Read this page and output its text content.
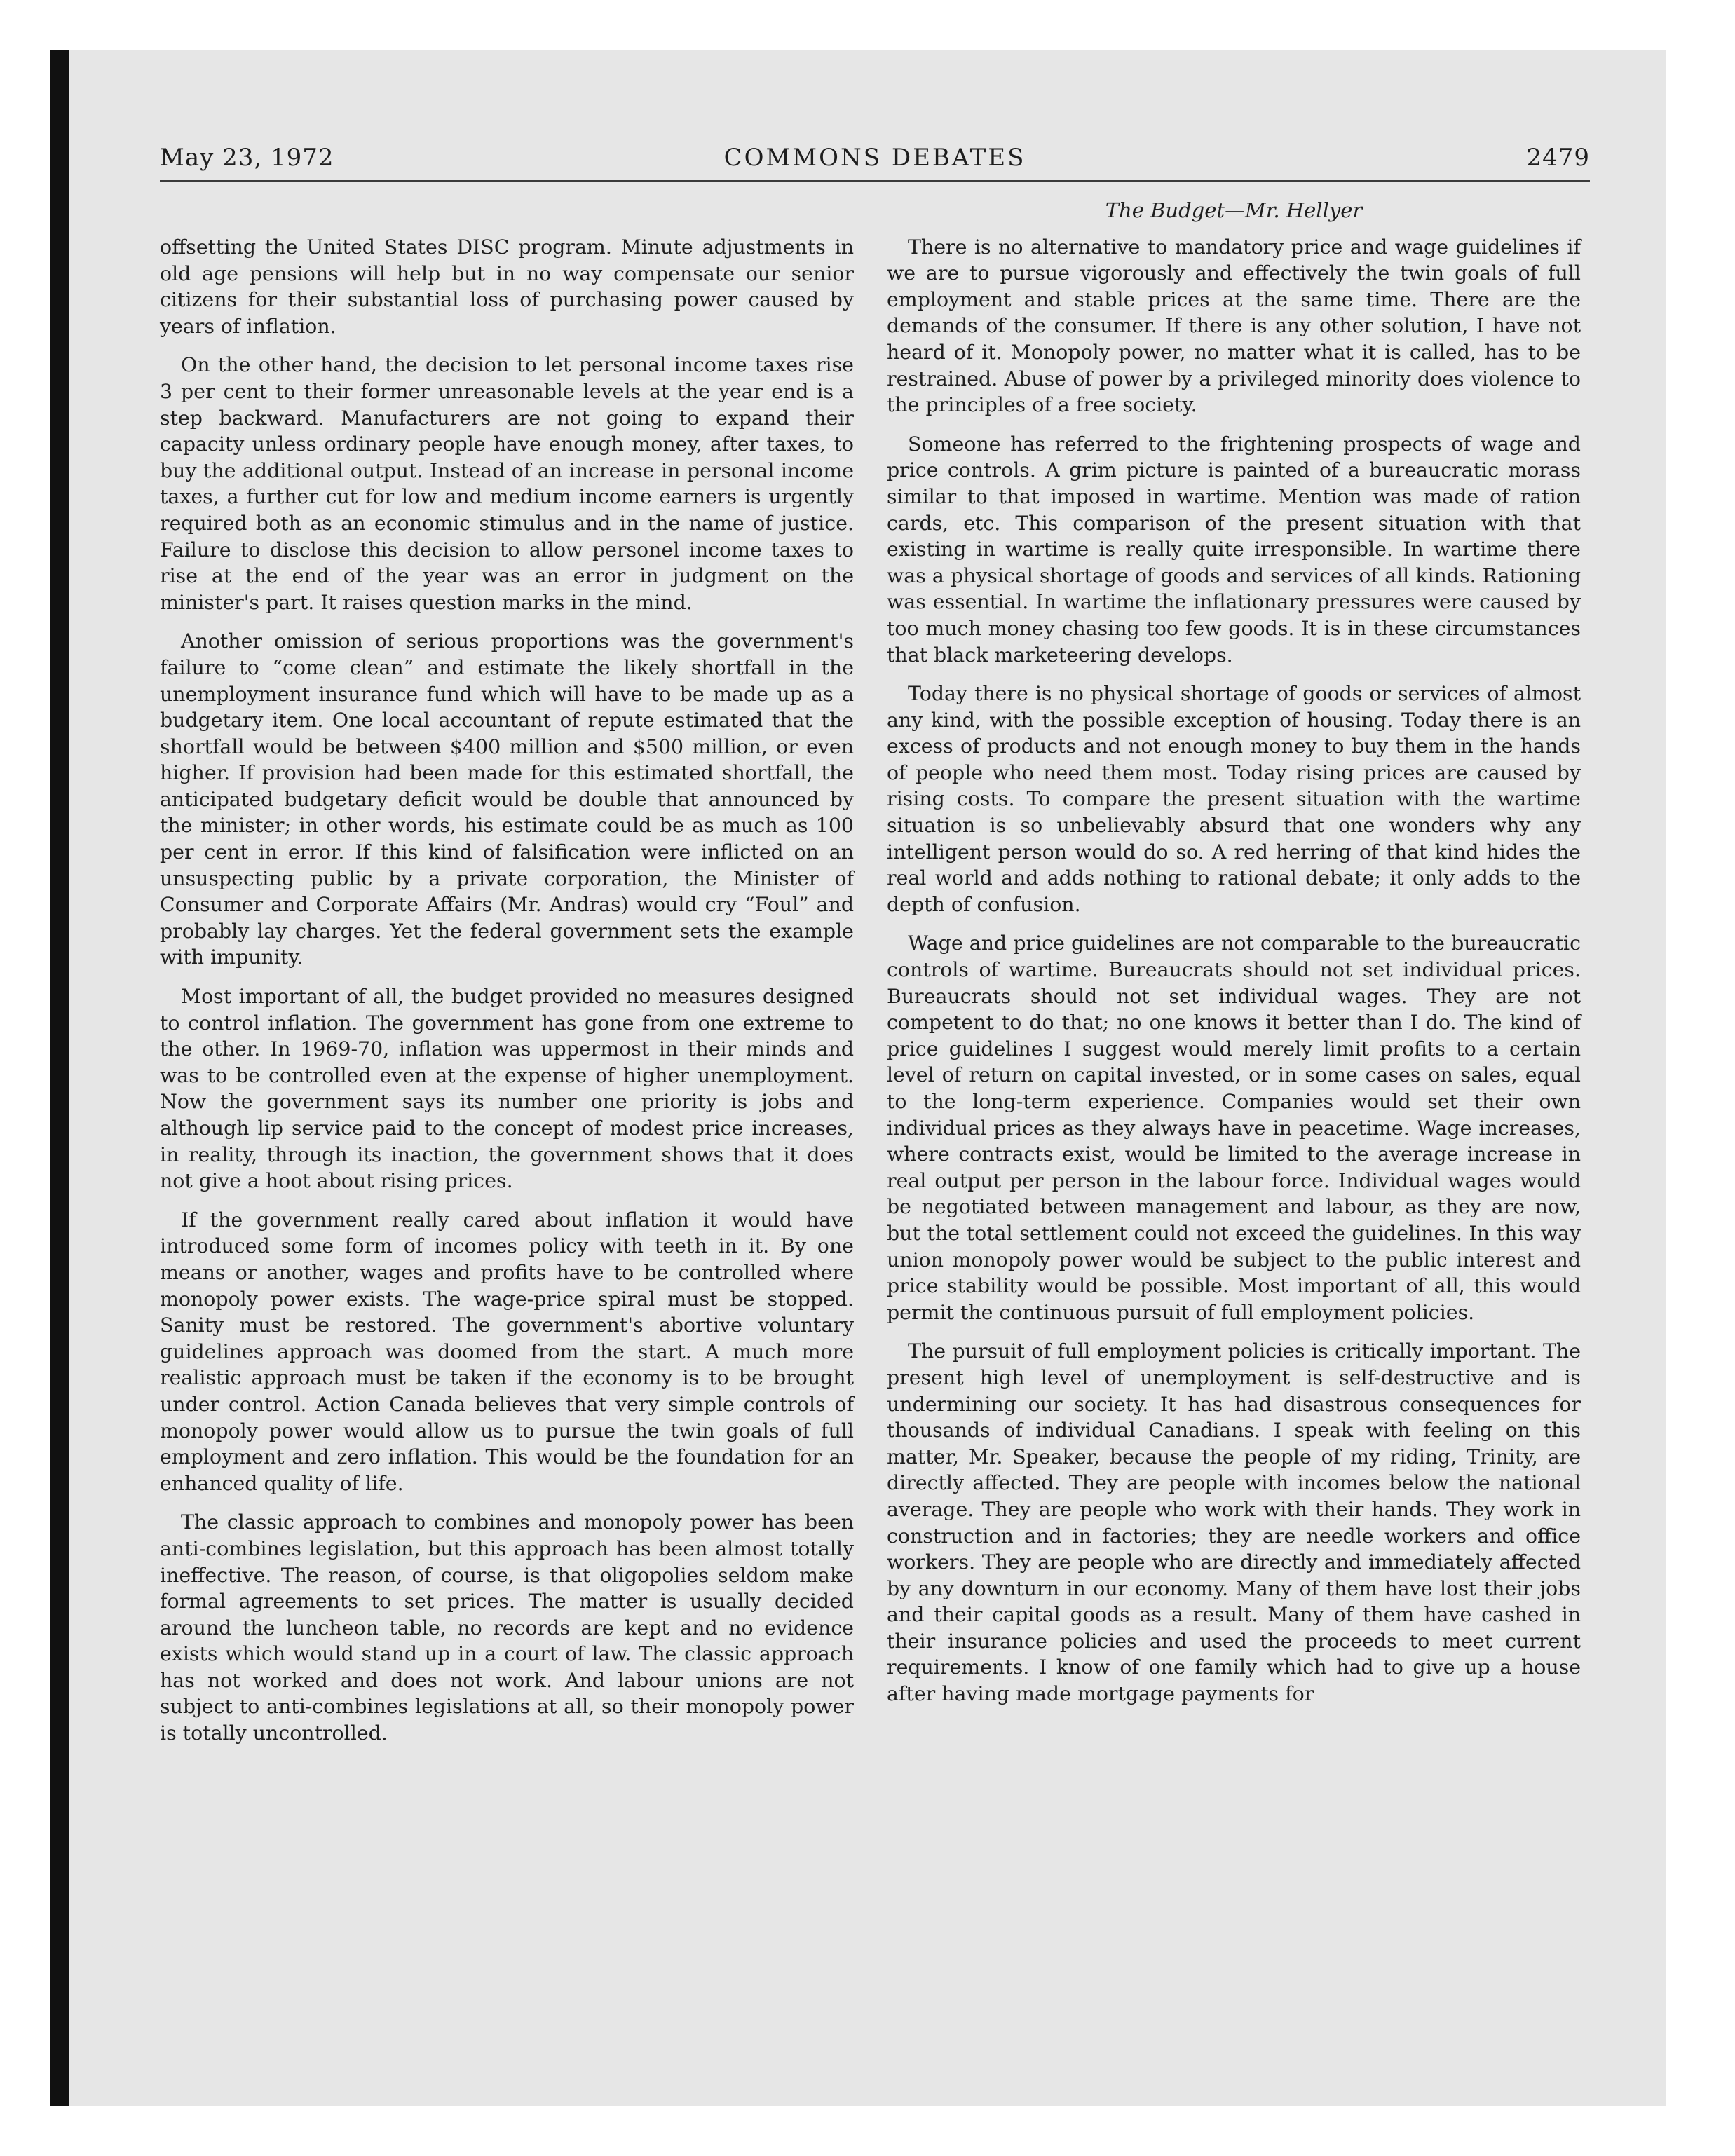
May 23, 1972	COMMONS DEBATES	2479

offsetting the United States DISC program. Minute adjustments in old age pensions will help but in no way compensate our senior citizens for their substantial loss of purchasing power caused by years of inflation.

On the other hand, the decision to let personal income taxes rise 3 per cent to their former unreasonable levels at the year end is a step backward. Manufacturers are not going to expand their capacity unless ordinary people have enough money, after taxes, to buy the additional output. Instead of an increase in personal income taxes, a further cut for low and medium income earners is urgently required both as an economic stimulus and in the name of justice. Failure to disclose this decision to allow personel income taxes to rise at the end of the year was an error in judgment on the minister's part. It raises question marks in the mind.

Another omission of serious proportions was the government's failure to “come clean” and estimate the likely shortfall in the unemployment insurance fund which will have to be made up as a budgetary item. One local accountant of repute estimated that the shortfall would be between $400 million and $500 million, or even higher. If provision had been made for this estimated shortfall, the anticipated budgetary deficit would be double that announced by the minister; in other words, his estimate could be as much as 100 per cent in error. If this kind of falsification were inflicted on an unsuspecting public by a private corporation, the Minister of Consumer and Corporate Affairs (Mr. Andras) would cry “Foul” and probably lay charges. Yet the federal government sets the example with impunity.

Most important of all, the budget provided no measures designed to control inflation. The government has gone from one extreme to the other. In 1969-70, inflation was uppermost in their minds and was to be controlled even at the expense of higher unemployment. Now the government says its number one priority is jobs and although lip service paid to the concept of modest price increases, in reality, through its inaction, the government shows that it does not give a hoot about rising prices.

If the government really cared about inflation it would have introduced some form of incomes policy with teeth in it. By one means or another, wages and profits have to be controlled where monopoly power exists. The wage-price spiral must be stopped. Sanity must be restored. The government's abortive voluntary guidelines approach was doomed from the start. A much more realistic approach must be taken if the economy is to be brought under control. Action Canada believes that very simple controls of monopoly power would allow us to pursue the twin goals of full employment and zero inflation. This would be the foundation for an enhanced quality of life.

The classic approach to combines and monopoly power has been anti-combines legislation, but this approach has been almost totally ineffective. The reason, of course, is that oligopolies seldom make formal agreements to set prices. The matter is usually decided around the luncheon table, no records are kept and no evidence exists which would stand up in a court of law. The classic approach has not worked and does not work. And labour unions are not subject to anti-combines legislations at all, so their monopoly power is totally uncontrolled.

The Budget—Mr. Hellyer

There is no alternative to mandatory price and wage guidelines if we are to pursue vigorously and effectively the twin goals of full employment and stable prices at the same time. There are the demands of the consumer. If there is any other solution, I have not heard of it. Monopoly power, no matter what it is called, has to be restrained. Abuse of power by a privileged minority does violence to the principles of a free society.

Someone has referred to the frightening prospects of wage and price controls. A grim picture is painted of a bureaucratic morass similar to that imposed in wartime. Mention was made of ration cards, etc. This comparison of the present situation with that existing in wartime is really quite irresponsible. In wartime there was a physical shortage of goods and services of all kinds. Rationing was essential. In wartime the inflationary pressures were caused by too much money chasing too few goods. It is in these circumstances that black marketeering develops.

Today there is no physical shortage of goods or services of almost any kind, with the possible exception of housing. Today there is an excess of products and not enough money to buy them in the hands of people who need them most. Today rising prices are caused by rising costs. To compare the present situation with the wartime situation is so unbelievably absurd that one wonders why any intelligent person would do so. A red herring of that kind hides the real world and adds nothing to rational debate; it only adds to the depth of confusion.

Wage and price guidelines are not comparable to the bureaucratic controls of wartime. Bureaucrats should not set individual prices. Bureaucrats should not set individual wages. They are not competent to do that; no one knows it better than I do. The kind of price guidelines I suggest would merely limit profits to a certain level of return on capital invested, or in some cases on sales, equal to the long-term experience. Companies would set their own individual prices as they always have in peacetime. Wage increases, where contracts exist, would be limited to the average increase in real output per person in the labour force. Individual wages would be negotiated between management and labour, as they are now, but the total settlement could not exceed the guidelines. In this way union monopoly power would be subject to the public interest and price stability would be possible. Most important of all, this would permit the continuous pursuit of full employment policies.

The pursuit of full employment policies is critically important. The present high level of unemployment is self-destructive and is undermining our society. It has had disastrous consequences for thousands of individual Canadians. I speak with feeling on this matter, Mr. Speaker, because the people of my riding, Trinity, are directly affected. They are people with incomes below the national average. They are people who work with their hands. They work in construction and in factories; they are needle workers and office workers. They are people who are directly and immediately affected by any downturn in our economy. Many of them have lost their jobs and their capital goods as a result. Many of them have cashed in their insurance policies and used the proceeds to meet current requirements. I know of one family which had to give up a house after having made mortgage payments for
